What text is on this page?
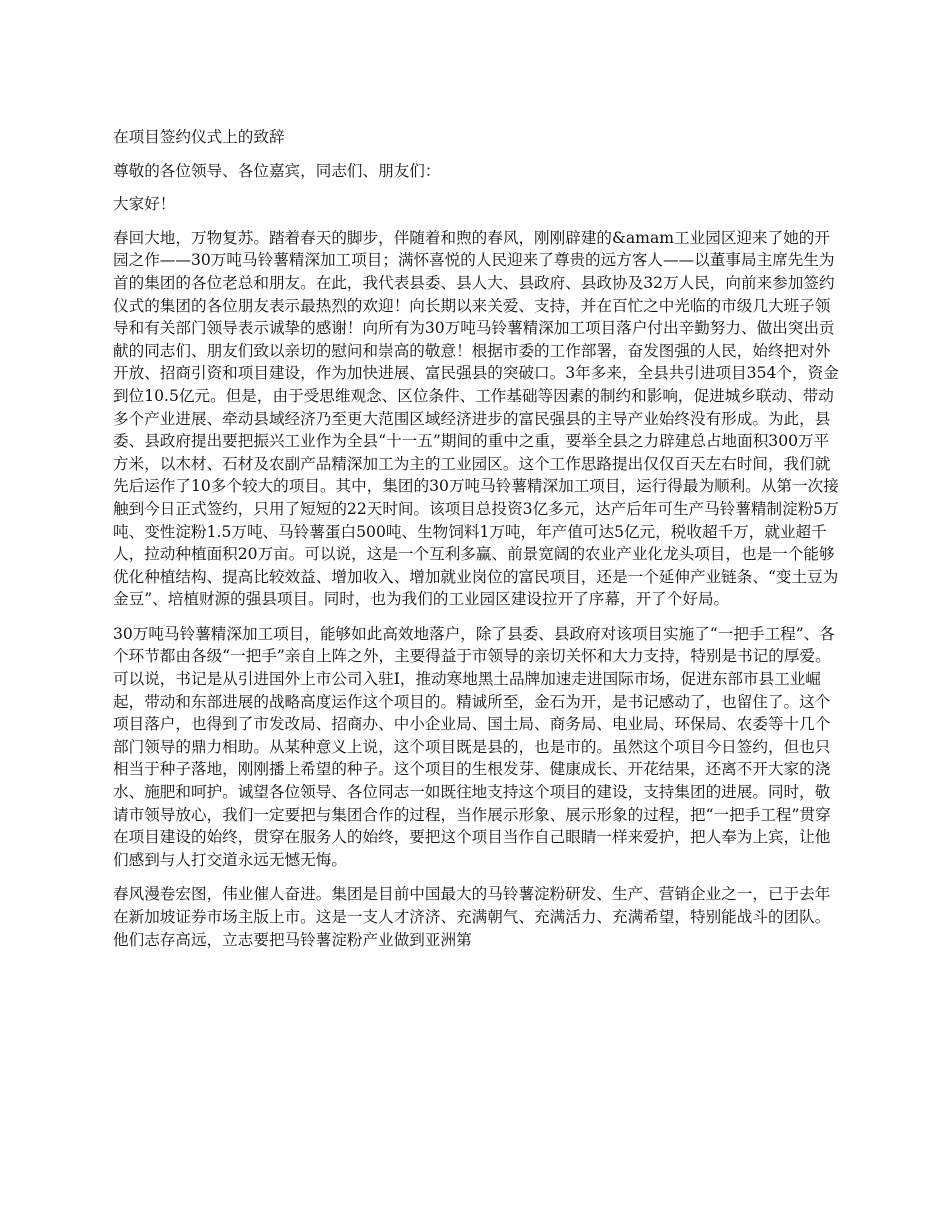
在项目签约仪式上的致辞

尊敬的各位领导、各位嘉宾，同志们、朋友们：

大家好！

春回大地，万物复苏。踏着春天的脚步，伴随着和煦的春风，刚刚辟建的&amam工业园区迎来了她的开园之作——30万吨马铃薯精深加工项目；满怀喜悦的人民迎来了尊贵的远方客人——以董事局主席先生为首的集团的各位老总和朋友。在此，我代表县委、县人大、县政府、县政协及32万人民，向前来参加签约仪式的集团的各位朋友表示最热烈的欢迎！向长期以来关爱、支持，并在百忙之中光临的市级几大班子领导和有关部门领导表示诚挚的感谢！向所有为30万吨马铃薯精深加工项目落户付出辛勤努力、做出突出贡献的同志们、朋友们致以亲切的慰问和崇高的敬意！根据市委的工作部署，奋发图强的人民，始终把对外开放、招商引资和项目建设，作为加快进展、富民强县的突破口。3年多来，全县共引进项目354个，资金到位10.5亿元。但是，由于受思维观念、区位条件、工作基础等因素的制约和影响，促进城乡联动、带动多个产业进展、牵动县域经济乃至更大范围区域经济进步的富民强县的主导产业始终没有形成。为此，县委、县政府提出要把振兴工业作为全县“十一五”期间的重中之重，要举全县之力辟建总占地面积300万平方米，以木材、石材及农副产品精深加工为主的工业园区。这个工作思路提出仅仅百天左右时间，我们就先后运作了10多个较大的项目。其中，集团的30万吨马铃薯精深加工项目，运行得最为顺利。从第一次接触到今日正式签约，只用了短短的22天时间。该项目总投资3亿多元，达产后年可生产马铃薯精制淀粉5万吨、变性淀粉1.5万吨、马铃薯蛋白500吨、生物饲料1万吨，年产值可达5亿元，税收超千万，就业超千人，拉动种植面积20万亩。可以说，这是一个互利多赢、前景宽阔的农业产业化龙头项目，也是一个能够优化种植结构、提高比较效益、增加收入、增加就业岗位的富民项目，还是一个延伸产业链条、“变土豆为金豆”、培植财源的强县项目。同时，也为我们的工业园区建设拉开了序幕，开了个好局。

30万吨马铃薯精深加工项目，能够如此高效地落户，除了县委、县政府对该项目实施了“一把手工程”、各个环节都由各级“一把手”亲自上阵之外，主要得益于市领导的亲切关怀和大力支持，特别是书记的厚爱。可以说，书记是从引进国外上市公司入驻I，推动寒地黑土品牌加速走进国际市场，促进东部市县工业崛起，带动和东部进展的战略高度运作这个项目的。精诚所至，金石为开，是书记感动了，也留住了。这个项目落户，也得到了市发改局、招商办、中小企业局、国土局、商务局、电业局、环保局、农委等十几个部门领导的鼎力相助。从某种意义上说，这个项目既是县的，也是市的。虽然这个项目今日签约，但也只相当于种子落地，刚刚播上希望的种子。这个项目的生根发芽、健康成长、开花结果，还离不开大家的浇水、施肥和呵护。诚望各位领导、各位同志一如既往地支持这个项目的建设，支持集团的进展。同时，敬请市领导放心，我们一定要把与集团合作的过程，当作展示形象、展示形象的过程，把“一把手工程”贯穿在项目建设的始终，贯穿在服务人的始终，要把这个项目当作自己眼睛一样来爱护，把人奉为上宾，让他们感到与人打交道永远无憾无悔。

春风漫卷宏图，伟业催人奋进。集团是目前中国最大的马铃薯淀粉研发、生产、营销企业之一，已于去年在新加坡证券市场主版上市。这是一支人才济济、充满朝气、充满活力、充满希望，特别能战斗的团队。他们志存高远，立志要把马铃薯淀粉产业做到亚洲第
